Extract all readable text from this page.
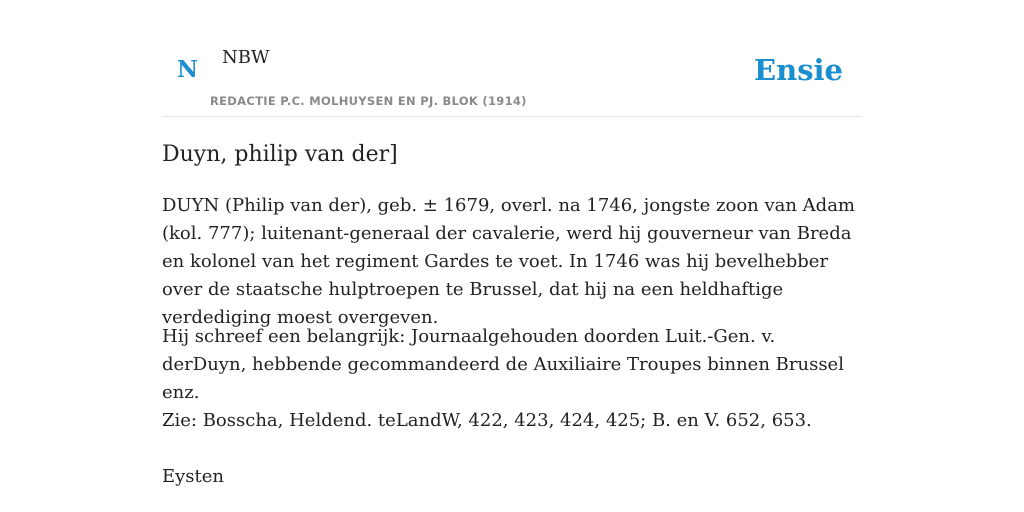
N NBW
REDACTIE P.C. MOLHUYSEN EN PJ. BLOK (1914)
Ensie
Duyn, philip van der]

DUYN (Philip van der), geb. ± 1679, overl. na 1746, jongste zoon van Adam (kol. 777); luitenant-generaal der cavalerie, werd hij gouverneur van Breda en kolonel van het regiment Gardes te voet. In 1746 was hij bevelhebber over de staatsche hulptroepen te Brussel, dat hij na een heldhaftige verdediging moest overgeven.

Hij schreef een belangrijk: Journaalgehouden doorden Luit.-Gen. v. derDuyn, hebbende gecommandeerd de Auxiliaire Troupes binnen Brussel enz.

Zie: Bosscha, Heldend. teLandW, 422, 423, 424, 425; B. en V. 652, 653.

Eysten
